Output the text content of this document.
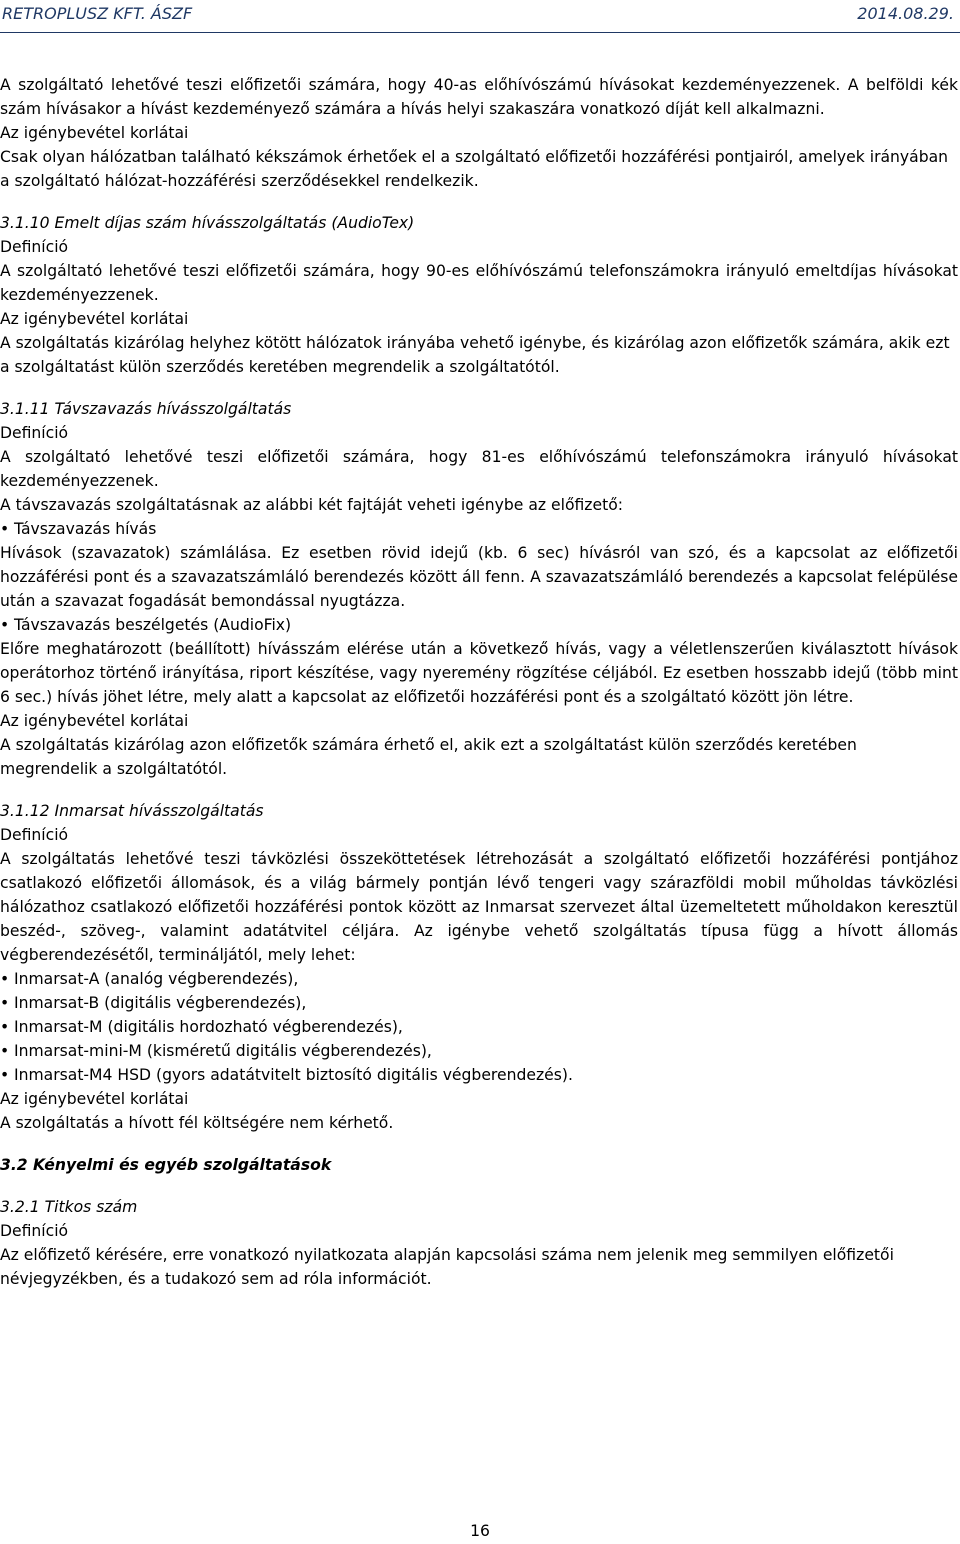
RETROPLUSZ KFT. ÁSZF	2014.08.29.

A szolgáltató lehetővé teszi előfizetői számára, hogy 40-as előhívószámú hívásokat kezdeményezzenek. A belföldi kék szám hívásakor a hívást kezdeményező számára a hívás helyi szakaszára vonatkozó díját kell alkalmazni.

Az igénybevétel korlátai

Csak olyan hálózatban található kékszámok érhetőek el a szolgáltató előfizetői hozzáférési pontjairól, amelyek irányában a szolgáltató hálózat-hozzáférési szerződésekkel rendelkezik.

3.1.10 Emelt díjas szám hívásszolgáltatás (AudioTex)

Definíció

A szolgáltató lehetővé teszi előfizetői számára, hogy 90-es előhívószámú telefonszámokra irányuló emeltdíjas hívásokat kezdeményezzenek.

Az igénybevétel korlátai

A szolgáltatás kizárólag helyhez kötött hálózatok irányába vehető igénybe, és kizárólag azon előfizetők számára, akik ezt a szolgáltatást külön szerződés keretében megrendelik a szolgáltatótól.

3.1.11 Távszavazás hívásszolgáltatás

Definíció

A szolgáltató lehetővé teszi előfizetői számára, hogy 81-es előhívószámú telefonszámokra irányuló hívásokat kezdeményezzenek.

A távszavazás szolgáltatásnak az alábbi két fajtáját veheti igénybe az előfizető:

• Távszavazás hívás

Hívások (szavazatok) számlálása. Ez esetben rövid idejű (kb. 6 sec) hívásról van szó, és a kapcsolat az előfizetői hozzáférési pont és a szavazatszámláló berendezés között áll fenn. A szavazatszámláló berendezés a kapcsolat felépülése után a szavazat fogadását bemondással nyugtázza.

• Távszavazás beszélgetés (AudioFix)

Előre meghatározott (beállított) hívásszám elérése után a következő hívás, vagy a véletlenszerűen kiválasztott hívások operátorhoz történő irányítása, riport készítése, vagy nyeremény rögzítése céljából. Ez esetben hosszabb idejű (több mint 6 sec.) hívás jöhet létre, mely alatt a kapcsolat az előfizetői hozzáférési pont és a szolgáltató között jön létre.

Az igénybevétel korlátai

A szolgáltatás kizárólag azon előfizetők számára érhető el, akik ezt a szolgáltatást külön szerződés keretében megrendelik a szolgáltatótól.

3.1.12 Inmarsat hívásszolgáltatás

Definíció

A szolgáltatás lehetővé teszi távközlési összeköttetések létrehozását a szolgáltató előfizetői hozzáférési pontjához csatlakozó előfizetői állomások, és a világ bármely pontján lévő tengeri vagy szárazföldi mobil műholdas távközlési hálózathoz csatlakozó előfizetői hozzáférési pontok között az Inmarsat szervezet által üzemeltetett műholdakon keresztül beszéd-, szöveg-, valamint adatátvitel céljára. Az igénybe vehető szolgáltatás típusa függ a hívott állomás végberendezésétől, termináljától, mely lehet:

• Inmarsat-A (analóg végberendezés),
• Inmarsat-B (digitális végberendezés),
• Inmarsat-M (digitális hordozható végberendezés),
• Inmarsat-mini-M (kisméretű digitális végberendezés),
• Inmarsat-M4 HSD (gyors adatátvitelt biztosító digitális végberendezés).

Az igénybevétel korlátai

A szolgáltatás a hívott fél költségére nem kérhető.

3.2 Kényelmi és egyéb szolgáltatások

3.2.1 Titkos szám

Definíció

Az előfizető kérésére, erre vonatkozó nyilatkozata alapján kapcsolási száma nem jelenik meg semmilyen előfizetői névjegyzékben, és a tudakozó sem ad róla információt.

16
